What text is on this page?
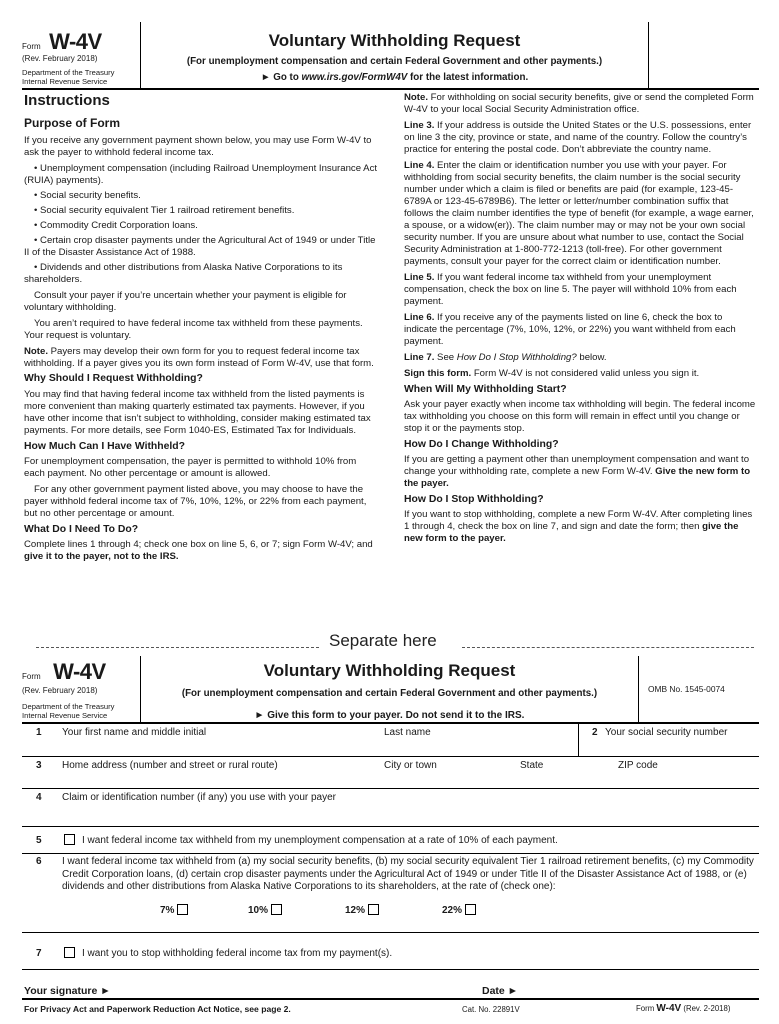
Form W-4V
(Rev. February 2018)
Department of the Treasury
Internal Revenue Service
Voluntary Withholding Request
(For unemployment compensation and certain Federal Government and other payments.)
► Go to www.irs.gov/FormW4V for the latest information.
Instructions
Purpose of Form

If you receive any government payment shown below, you may use Form W-4V to ask the payer to withhold federal income tax.

• Unemployment compensation (including Railroad Unemployment Insurance Act (RUIA) payments).

• Social security benefits.

• Social security equivalent Tier 1 railroad retirement benefits.

• Commodity Credit Corporation loans.

• Certain crop disaster payments under the Agricultural Act of 1949 or under Title II of the Disaster Assistance Act of 1988.

• Dividends and other distributions from Alaska Native Corporations to its shareholders.

Consult your payer if you’re uncertain whether your payment is eligible for voluntary withholding.

You aren’t required to have federal income tax withheld from these payments. Your request is voluntary.

Note. Payers may develop their own form for you to request federal income tax withholding. If a payer gives you its own form instead of Form W-4V, use that form.

Why Should I Request Withholding?

You may find that having federal income tax withheld from the listed payments is more convenient than making quarterly estimated tax payments. However, if you have other income that isn’t subject to withholding, consider making estimated tax payments. For more details, see Form 1040-ES, Estimated Tax for Individuals.

How Much Can I Have Withheld?

For unemployment compensation, the payer is permitted to withhold 10% from each payment. No other percentage or amount is allowed.

For any other government payment listed above, you may choose to have the payer withhold federal income tax of 7%, 10%, 12%, or 22% from each payment, but no other percentage or amount.

What Do I Need To Do?

Complete lines 1 through 4; check one box on line 5, 6, or 7; sign Form W-4V; and give it to the payer, not to the IRS.

Note. For withholding on social security benefits, give or send the completed Form W-4V to your local Social Security Administration office.

Line 3. If your address is outside the United States or the U.S. possessions, enter on line 3 the city, province or state, and name of the country. Follow the country’s practice for entering the postal code. Don’t abbreviate the country name.

Line 4. Enter the claim or identification number you use with your payer. For withholding from social security benefits, the claim number is the social security number under which a claim is filed or benefits are paid (for example, 123-45-6789A or 123-45-6789B6). The letter or letter/number combination suffix that follows the claim number identifies the type of benefit (for example, a wage earner, a spouse, or a widow(er)). The claim number may or may not be your own social security number. If you are unsure about what number to use, contact the Social Security Administration at 1-800-772-1213 (toll-free). For other government payments, consult your payer for the correct claim or identification number.

Line 5. If you want federal income tax withheld from your unemployment compensation, check the box on line 5. The payer will withhold 10% from each payment.

Line 6. If you receive any of the payments listed on line 6, check the box to indicate the percentage (7%, 10%, 12%, or 22%) you want withheld from each payment.

Line 7. See How Do I Stop Withholding? below.

Sign this form. Form W-4V is not considered valid unless you sign it.

When Will My Withholding Start?

Ask your payer exactly when income tax withholding will begin. The federal income tax withholding you choose on this form will remain in effect until you change or stop it or the payments stop.

How Do I Change Withholding?

If you are getting a payment other than unemployment compensation and want to change your withholding rate, complete a new Form W-4V. Give the new form to the payer.

How Do I Stop Withholding?

If you want to stop withholding, complete a new Form W-4V. After completing lines 1 through 4, check the box on line 7, and sign and date the form; then give the new form to the payer.

Separate here
Form W-4V
(Rev. February 2018)
Department of the Treasury
Internal Revenue Service
Voluntary Withholding Request
(For unemployment compensation and certain Federal Government and other payments.)
► Give this form to your payer. Do not send it to the IRS.
OMB No. 1545-0074
1 Your first name and middle initial	Last name	2 Your social security number
3 Home address (number and street or rural route)	City or town	State	ZIP code
4 Claim or identification number (if any) you use with your payer
5	I want federal income tax withheld from my unemployment compensation at a rate of 10% of each payment.
6 I want federal income tax withheld from (a) my social security benefits, (b) my social security equivalent Tier 1 railroad retirement benefits, (c) my Commodity Credit Corporation loans, (d) certain crop disaster payments under the Agricultural Act of 1949 or under Title II of the Disaster Assistance Act of 1988, or (e) dividends and other distributions from Alaska Native Corporations to its shareholders, at the rate of (check one):
7%	10%	12%	22%
7	I want you to stop withholding federal income tax from my payment(s).
Your signature ►	Date ►
For Privacy Act and Paperwork Reduction Act Notice, see page 2.	Cat. No. 22891V	Form W-4V (Rev. 2-2018)
